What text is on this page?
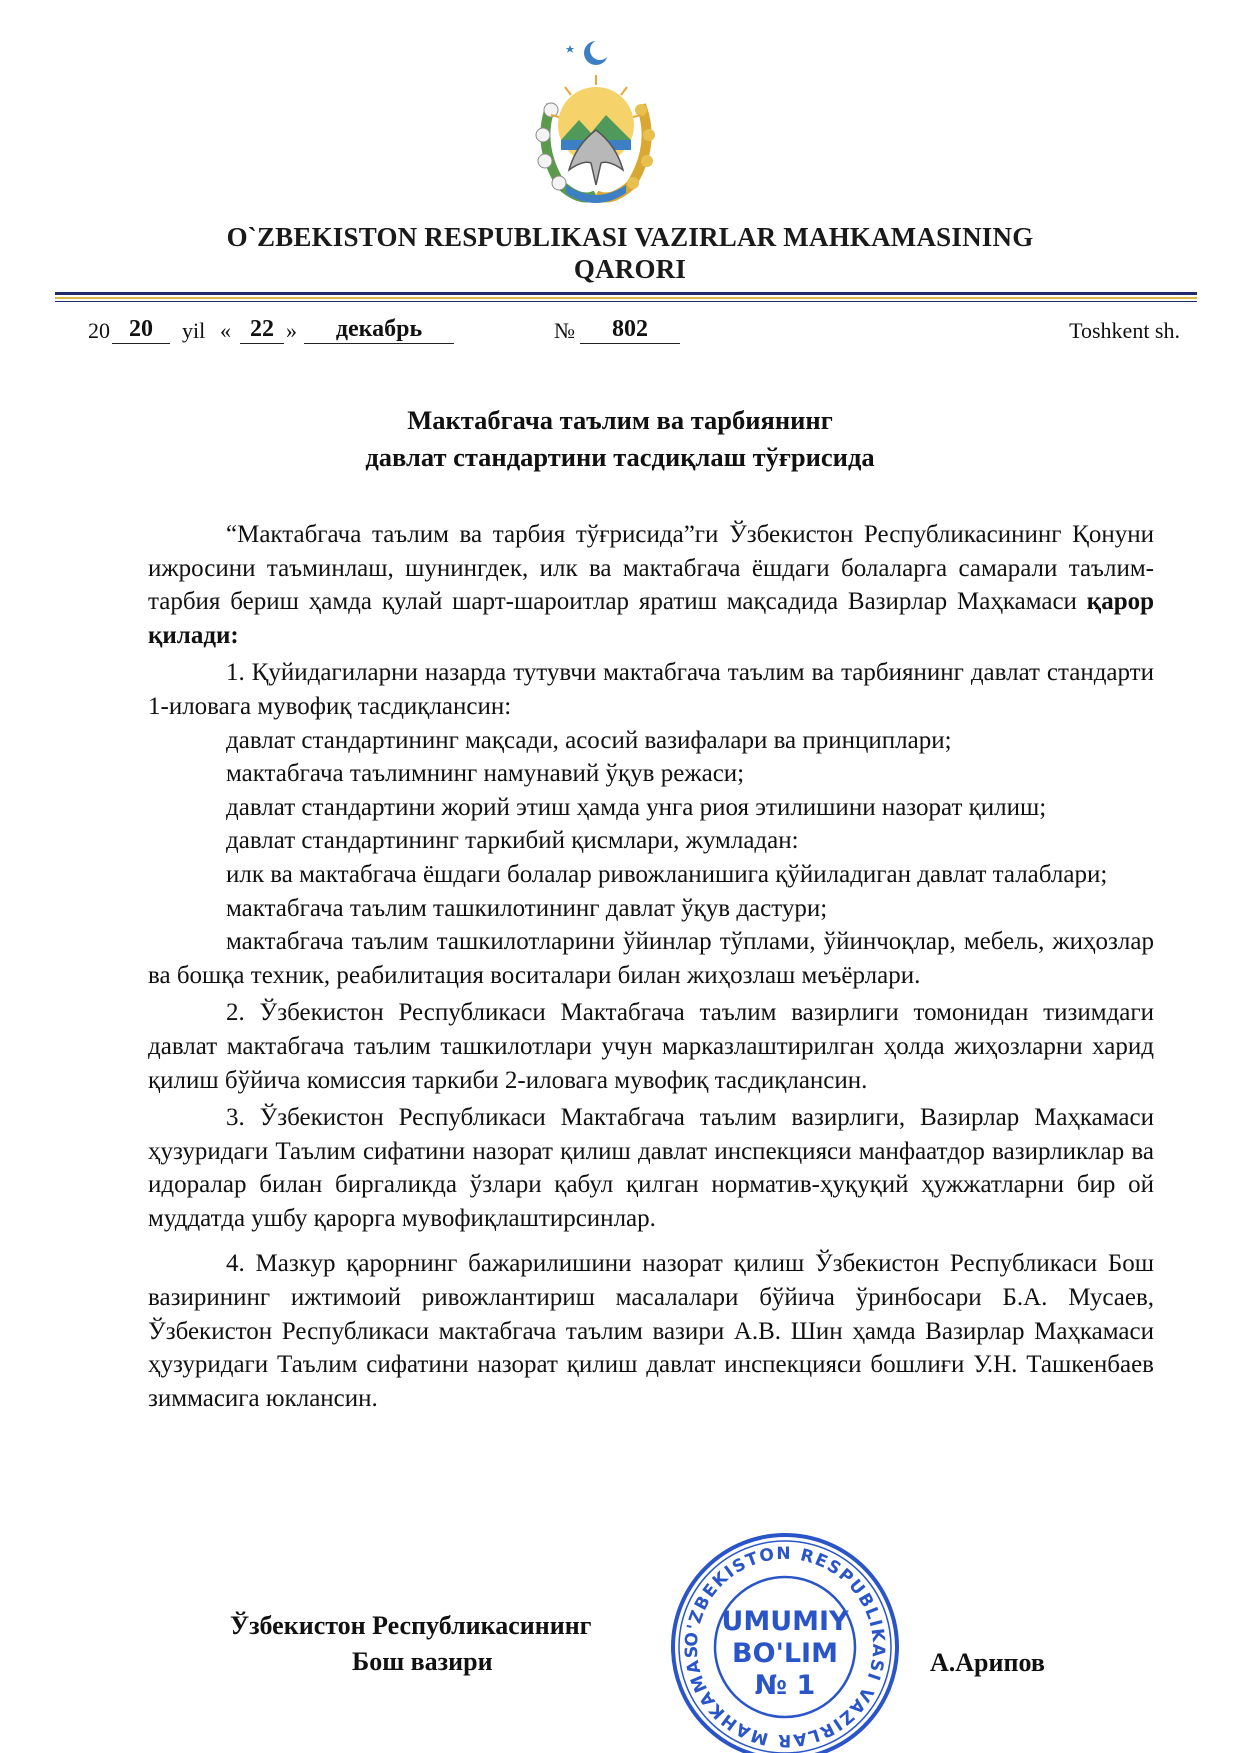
O`ZBEKISTON RESPUBLIKASI VAZIRLAR MAHKAMASINING
QARORI
20 20	yil « 22 »	декабрь	№	802	Toshkent sh.
Мактабгача таълим ва тарбиянинг
давлат стандартини тасдиқлаш тўғрисида

“Мактабгача таълим ва тарбия тўғрисида”ги Ўзбекистон Республикасининг Қонуни ижросини таъминлаш, шунингдек, илк ва мактабгача ёшдаги болаларга самарали таълим-тарбия бериш ҳамда қулай шарт-шароитлар яратиш мақсадида Вазирлар Маҳкамаси қарор қилади:

1. Қуйидагиларни назарда тутувчи мактабгача таълим ва тарбиянинг давлат стандарти 1-иловага мувофиқ тасдиқлансин:

давлат стандартининг мақсади, асосий вазифалари ва принциплари;

мактабгача таълимнинг намунавий ўқув режаси;

давлат стандартини жорий этиш ҳамда унга риоя этилишини назорат қилиш;

давлат стандартининг таркибий қисмлари, жумладан:

илк ва мактабгача ёшдаги болалар ривожланишига қўйиладиган давлат талаблари;

мактабгача таълим ташкилотининг давлат ўқув дастури;

мактабгача таълим ташкилотларини ўйинлар тўплами, ўйинчоқлар, мебель, жиҳозлар ва бошқа техник, реабилитация воситалари билан жиҳозлаш меъёрлари.

2. Ўзбекистон Республикаси Мактабгача таълим вазирлиги томонидан тизимдаги давлат мактабгача таълим ташкилотлари учун марказлаштирилган ҳолда жиҳозларни харид қилиш бўйича комиссия таркиби 2-иловага мувофиқ тасдиқлансин.

3. Ўзбекистон Республикаси Мактабгача таълим вазирлиги, Вазирлар Маҳкамаси ҳузуридаги Таълим сифатини назорат қилиш давлат инспекцияси манфаатдор вазирликлар ва идоралар билан биргаликда ўзлари қабул қилган норматив-ҳуқуқий ҳужжатларни бир ой муддатда ушбу қарорга мувофиқлаштирсинлар.

4. Мазкур қарорнинг бажарилишини назорат қилиш Ўзбекистон Республикаси Бош вазирининг ижтимоий ривожлантириш масалалари бўйича ўринбосари Б.А. Мусаев, Ўзбекистон Республикаси мактабгача таълим вазири А.В. Шин ҳамда Вазирлар Маҳкамаси ҳузуридаги Таълим сифатини назорат қилиш давлат инспекцияси бошлиғи У.Н. Ташкенбаев зиммасига юклансин.

Ўзбекистон Республикасининг
Бош вазири	А.Арипов
O'ZBEKISTON RESPUBLIKASI VAZIRLAR MAHKAMAS
UMUMIY
BO'LIM
№ 1
